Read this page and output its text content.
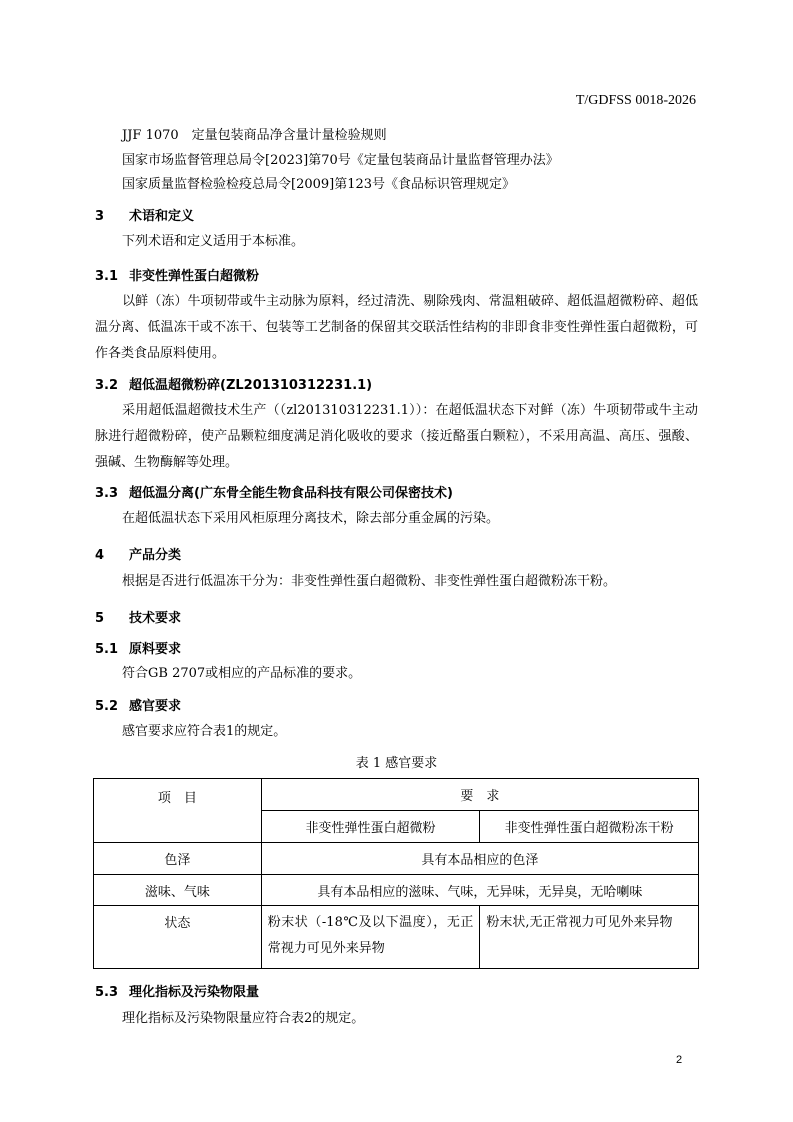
T/GDFSS 0018-2026
JJF 1070　定量包装商品净含量计量检验规则
国家市场监督管理总局令[2023]第70号《定量包装商品计量监督管理办法》
国家质量监督检验检疫总局令[2009]第123号《食品标识管理规定》
3 术语和定义
下列术语和定义适用于本标准。
3.1 非变性弹性蛋白超微粉
以鲜（冻）牛项韧带或牛主动脉为原料，经过清洗、剔除残肉、常温粗破碎、超低温超微粉碎、超低温分离、低温冻干或不冻干、包装等工艺制备的保留其交联活性结构的非即食非变性弹性蛋白超微粉，可作各类食品原料使用。
3.2 超低温超微粉碎(ZL201310312231.1)
采用超低温超微技术生产（（zl201310312231.1））：在超低温状态下对鲜（冻）牛项韧带或牛主动脉进行超微粉碎，使产品颗粒细度满足消化吸收的要求（接近酪蛋白颗粒），不采用高温、高压、强酸、强碱、生物酶解等处理。
3.3 超低温分离(广东骨全能生物食品科技有限公司保密技术)
在超低温状态下采用风柜原理分离技术，除去部分重金属的污染。
4 产品分类
根据是否进行低温冻干分为：非变性弹性蛋白超微粉、非变性弹性蛋白超微粉冻干粉。
5 技术要求
5.1 原料要求
符合GB 2707或相应的产品标准的要求。
5.2 感官要求
感官要求应符合表1的规定。
表 1 感官要求
项　目	要　求	
	非变性弹性蛋白超微粉	非变性弹性蛋白超微粉冻干粉
色泽	具有本品相应的色泽	
滋味、气味	具有本品相应的滋味、气味，无异味，无异臭，无哈喇味	
状态	粉末状（-18℃及以下温度），无正常视力可见外来异物	粉末状,无正常视力可见外来异物
5.3 理化指标及污染物限量
理化指标及污染物限量应符合表2的规定。
2
